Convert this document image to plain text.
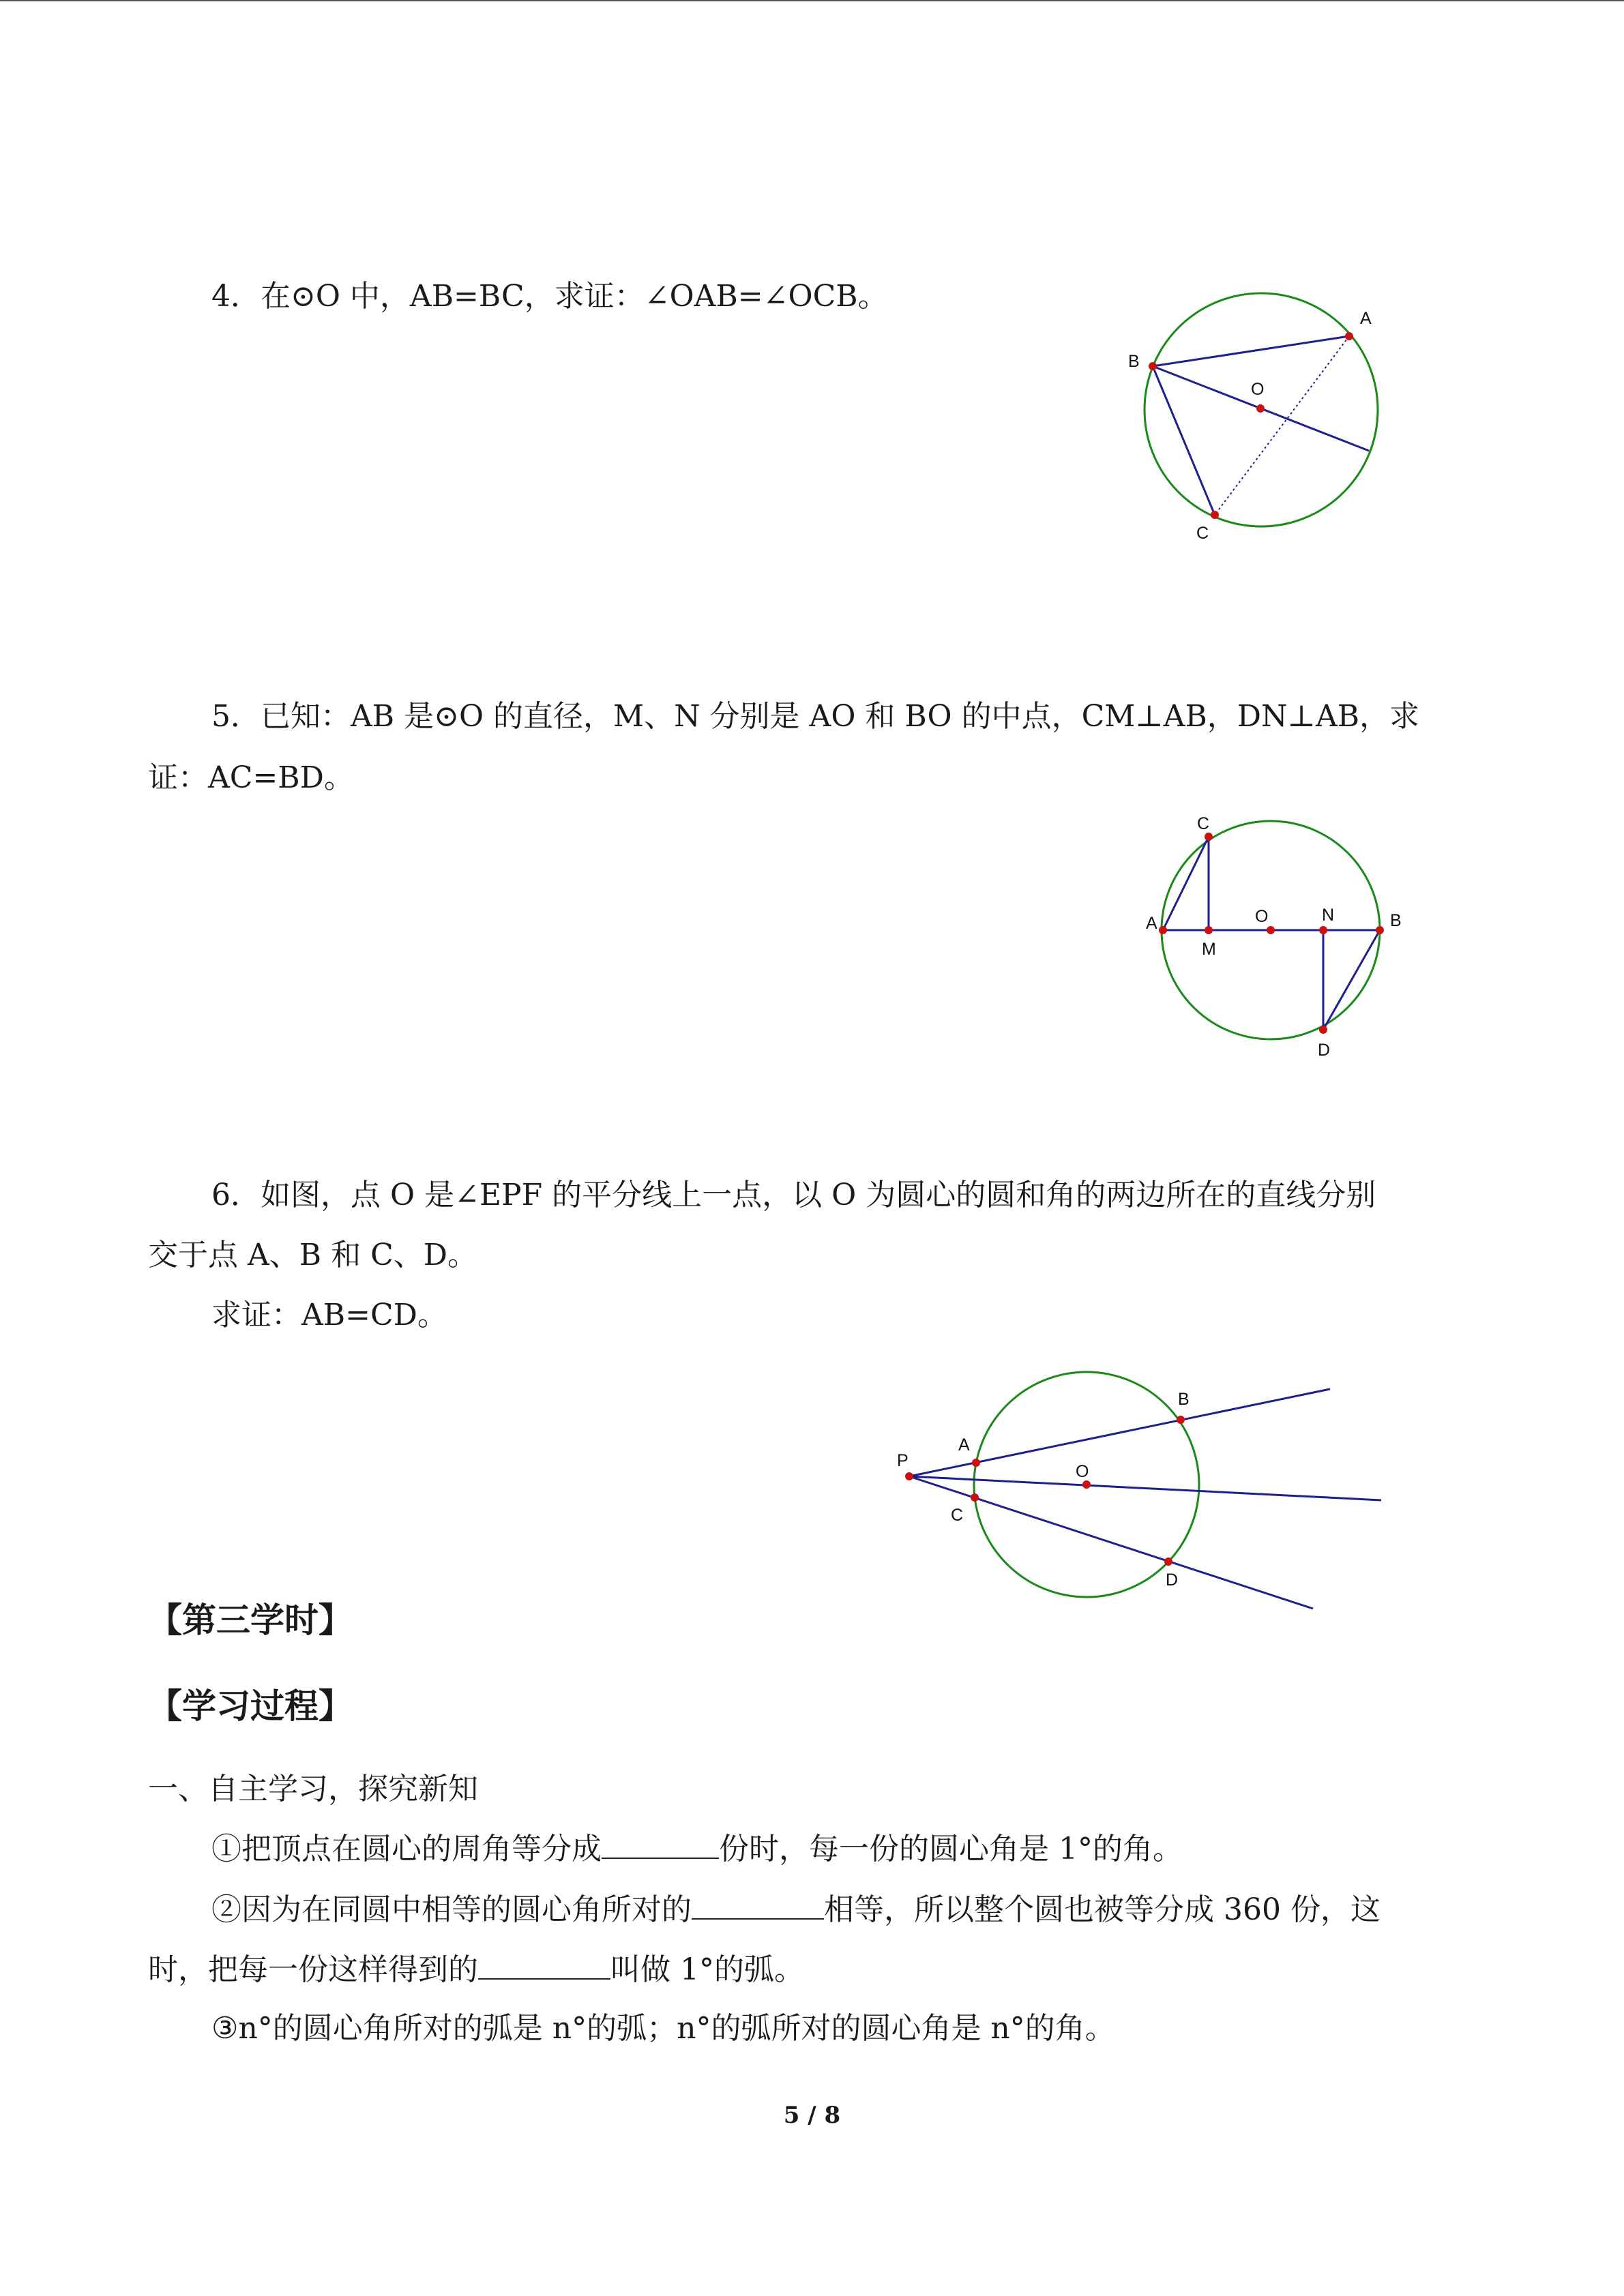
4．在⊙O 中，AB=BC，求证：∠OAB=∠OCB。

5．已知：AB 是⊙O 的直径，M、N 分别是 AO 和 BO 的中点，CM⊥AB，DN⊥AB，求

证：AC=BD。

6．如图，点 O 是∠EPF 的平分线上一点，以 O 为圆心的圆和角的两边所在的直线分别

交于点 A、B 和 C、D。

求证：AB=CD。

【第三学时】

【学习过程】

一、自主学习，探究新知

①把顶点在圆心的周角等分成	份时，每一份的圆心角是 1°的角。

②因为在同圆中相等的圆心角所对的	相等，所以整个圆也被等分成 360 份，这

时，把每一份这样得到的	叫做 1°的弧。

③n°的圆心角所对的弧是 n°的弧；n°的弧所对的圆心角是 n°的角。

5 / 8
A
B
O
C
C
A
M
O	N	B
D
B
A
P
O
C
D
